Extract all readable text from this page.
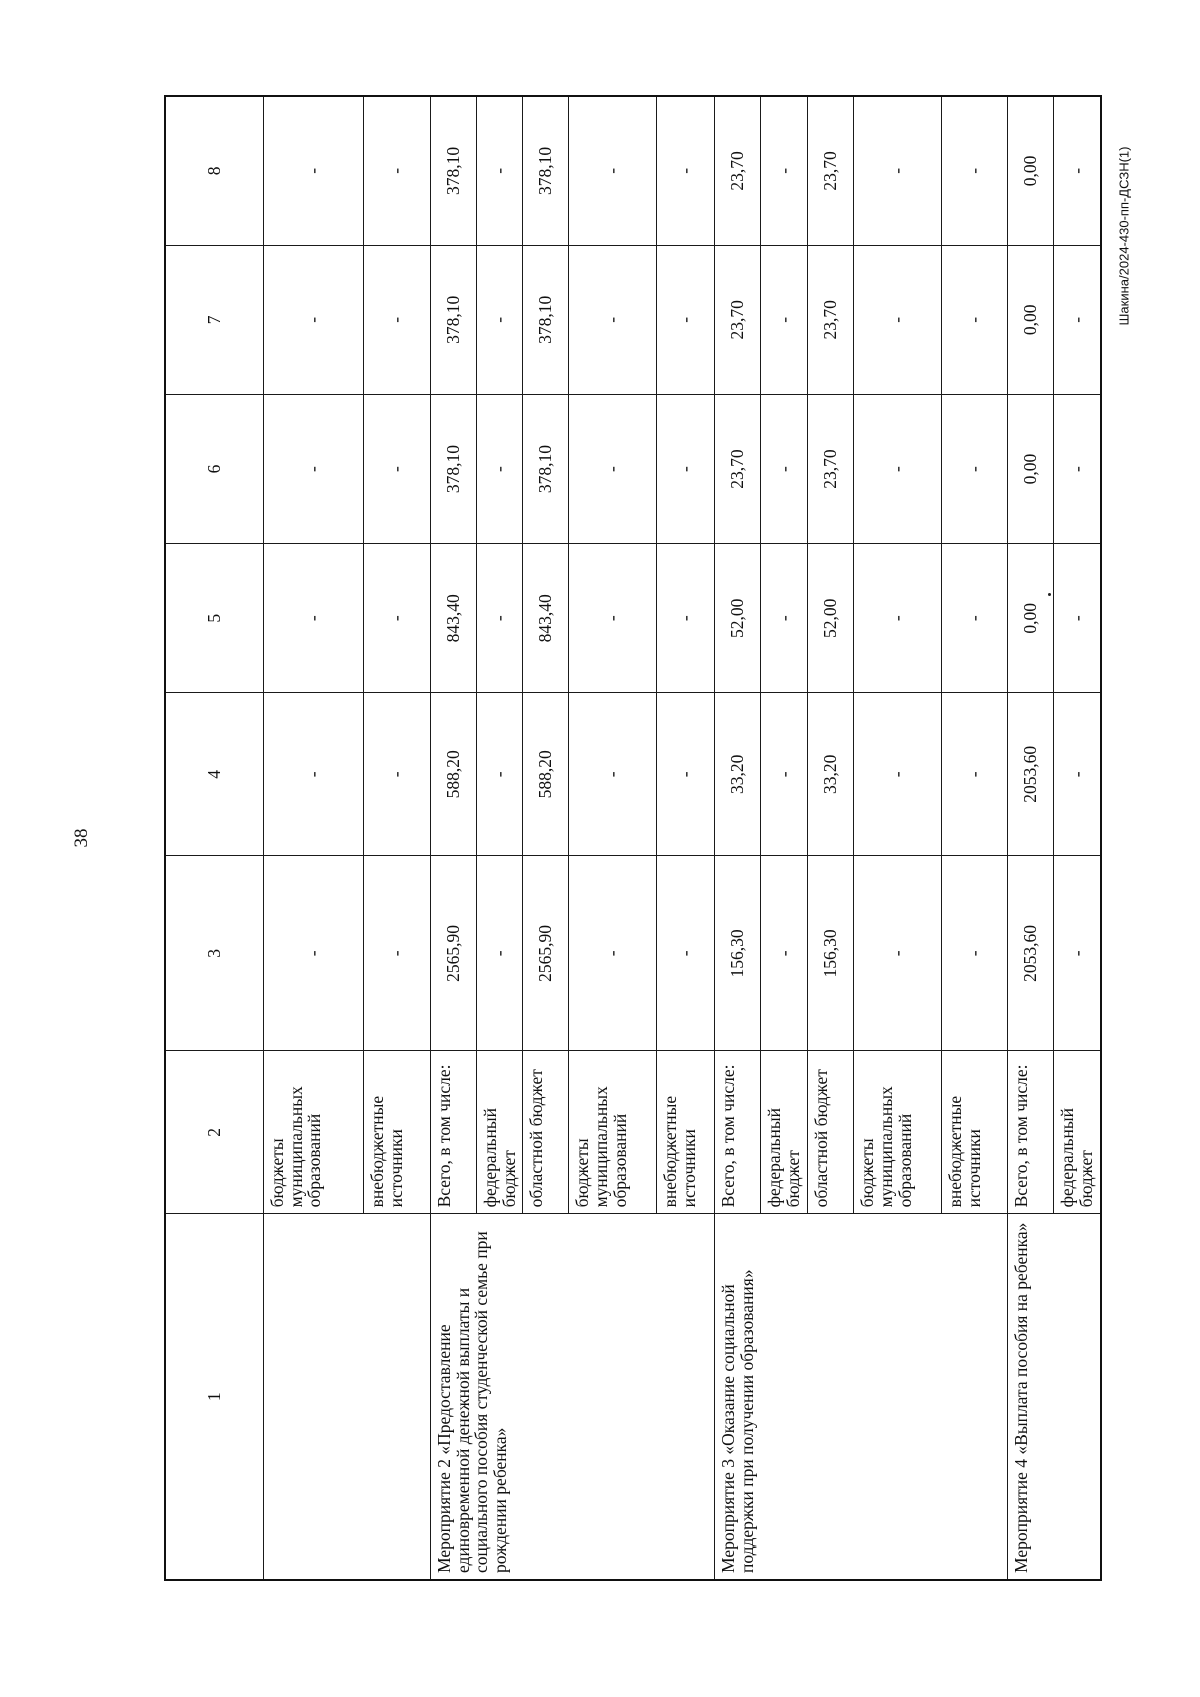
38
Шакина/2024-430-пп-ДСЗН(1)
1	2	3	4	5	6	7	8
	бюджеты муниципальных образований	-	-	-	-	-	-
	внебюджетные источники	-	-	-	-	-	-
Мероприятие 2 «Предоставление единовременной денежной выплаты и социального пособия студенческой семье при рождении ребенка»	Всего, в том числе:	2565,90	588,20	843,40	378,10	378,10	378,10
	федеральный бюджет	-	-	-	-	-	-
	областной бюджет	2565,90	588,20	843,40	378,10	378,10	378,10
	бюджеты муниципальных образований	-	-	-	-	-	-
	внебюджетные источники	-	-	-	-	-	-
Мероприятие 3 «Оказание социальной поддержки при получении образования»	Всего, в том числе:	156,30	33,20	52,00	23,70	23,70	23,70
	федеральный бюджет	-	-	-	-	-	-
	областной бюджет	156,30	33,20	52,00	23,70	23,70	23,70
	бюджеты муниципальных образований	-	-	-	-	-	-
	внебюджетные источники	-	-	-	-	-	-
Мероприятие 4 «Выплата пособия на ребенка»	Всего, в том числе:	2053,60	2053,60	0,00	0,00	0,00	0,00
	федеральный бюджет	-	-	-	-	-	-
